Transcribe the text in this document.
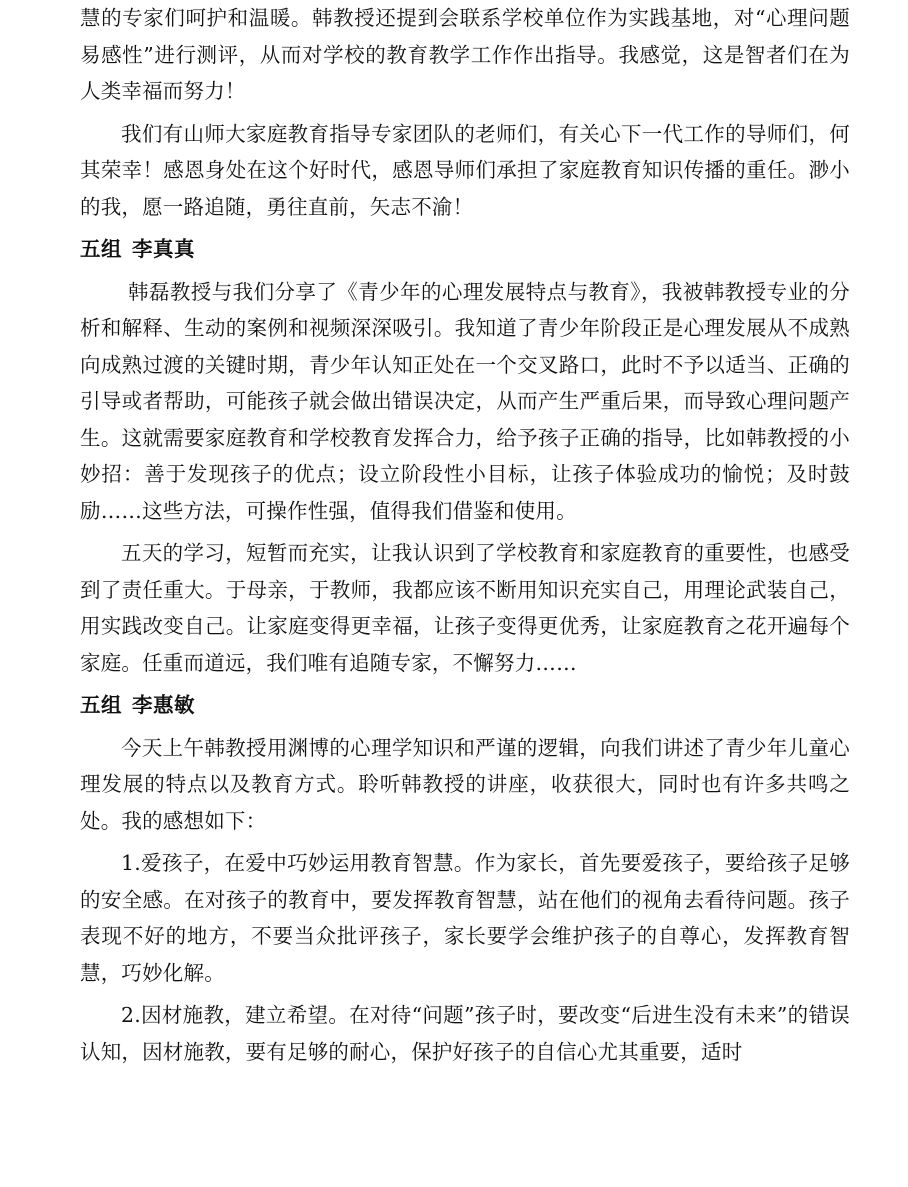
慧的专家们呵护和温暖。韩教授还提到会联系学校单位作为实践基地，对“心理问题易感性”进行测评，从而对学校的教育教学工作作出指导。我感觉，这是智者们在为人类幸福而努力！

我们有山师大家庭教育指导专家团队的老师们，有关心下一代工作的导师们，何其荣幸！感恩身处在这个好时代，感恩导师们承担了家庭教育知识传播的重任。渺小的我，愿一路追随，勇往直前，矢志不渝！

五组 李真真

韩磊教授与我们分享了《青少年的心理发展特点与教育》，我被韩教授专业的分析和解释、生动的案例和视频深深吸引。我知道了青少年阶段正是心理发展从不成熟向成熟过渡的关键时期，青少年认知正处在一个交叉路口，此时不予以适当、正确的引导或者帮助，可能孩子就会做出错误决定，从而产生严重后果，而导致心理问题产生。这就需要家庭教育和学校教育发挥合力，给予孩子正确的指导，比如韩教授的小妙招：善于发现孩子的优点；设立阶段性小目标，让孩子体验成功的愉悦；及时鼓励……这些方法，可操作性强，值得我们借鉴和使用。

五天的学习，短暂而充实，让我认识到了学校教育和家庭教育的重要性，也感受到了责任重大。于母亲，于教师，我都应该不断用知识充实自己，用理论武装自己，用实践改变自己。让家庭变得更幸福，让孩子变得更优秀，让家庭教育之花开遍每个家庭。任重而道远，我们唯有追随专家，不懈努力……

五组 李惠敏

今天上午韩教授用渊博的心理学知识和严谨的逻辑，向我们讲述了青少年儿童心理发展的特点以及教育方式。聆听韩教授的讲座，收获很大，同时也有许多共鸣之处。我的感想如下：

1.爱孩子，在爱中巧妙运用教育智慧。作为家长，首先要爱孩子，要给孩子足够的安全感。在对孩子的教育中，要发挥教育智慧，站在他们的视角去看待问题。孩子表现不好的地方，不要当众批评孩子，家长要学会维护孩子的自尊心，发挥教育智慧，巧妙化解。

2.因材施教，建立希望。在对待“问题”孩子时，要改变“后进生没有未来”的错误认知，因材施教，要有足够的耐心，保护好孩子的自信心尤其重要，适时
